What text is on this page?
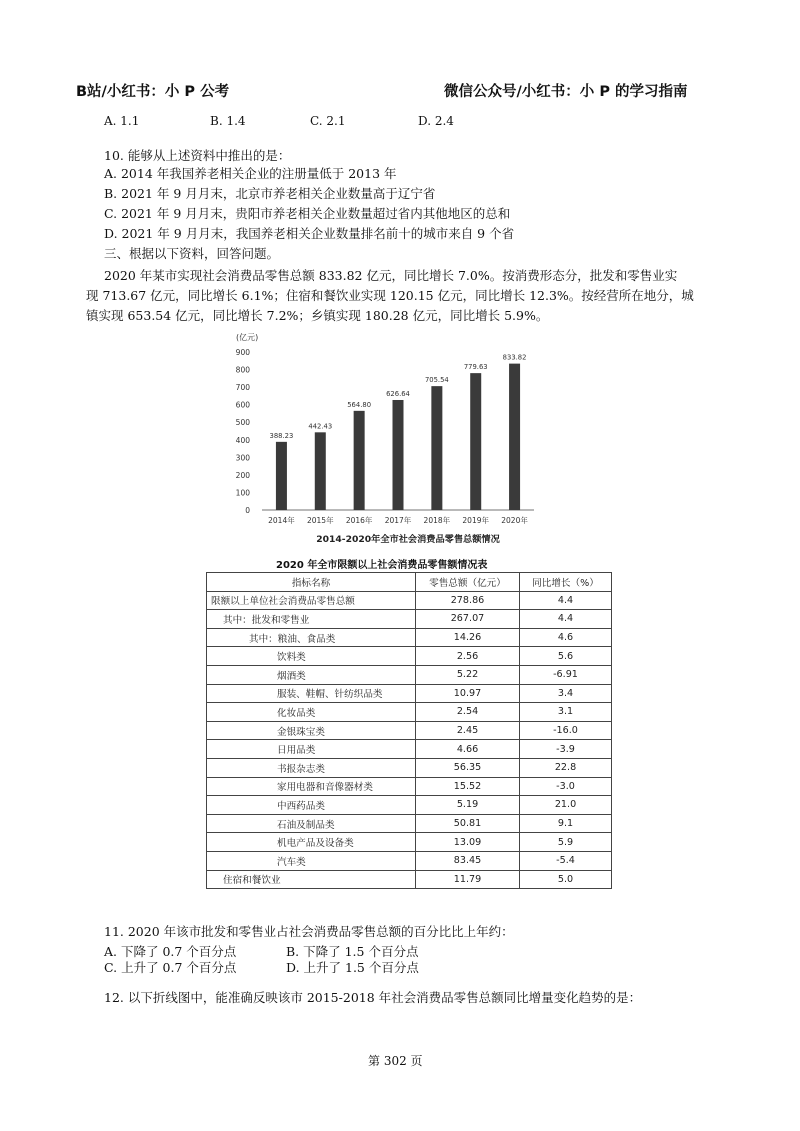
B站/小红书：小 P 公考	微信公众号/小红书：小 P 的学习指南
A. 1.1	B. 1.4	C. 2.1	D. 2.4
10. 能够从上述资料中推出的是：
A. 2014 年我国养老相关企业的注册量低于 2013 年
B. 2021 年 9 月月末，北京市养老相关企业数量高于辽宁省
C. 2021 年 9 月月末，贵阳市养老相关企业数量超过省内其他地区的总和
D. 2021 年 9 月月末，我国养老相关企业数量排名前十的城市来自 9 个省
三、根据以下资料，回答问题。
2020 年某市实现社会消费品零售总额 833.82 亿元，同比增长 7.0%。按消费形态分，批发和零售业实
现 713.67 亿元，同比增长 6.1%；住宿和餐饮业实现 120.15 亿元，同比增长 12.3%。按经营所在地分，城
镇实现 653.54 亿元，同比增长 7.2%；乡镇实现 180.28 亿元，同比增长 5.9%。
(亿元)
0
100
200
300
400
500
600
700
800
900
388.23
2014年
442.43
2015年
564.80
2016年
626.64
2017年
705.54
2018年
779.63
2019年
833.82
2020年
2014-2020年全市社会消费品零售总额情况
2020 年全市限额以上社会消费品零售额情况表
指标名称	零售总额（亿元）	同比增长（%）
限额以上单位社会消费品零售总额	278.86	4.4
其中：批发和零售业	267.07	4.4
其中：粮油、食品类	14.26	4.6
饮料类	2.56	5.6
烟酒类	5.22	-6.91
服装、鞋帽、针纺织品类	10.97	3.4
化妆品类	2.54	3.1
金银珠宝类	2.45	-16.0
日用品类	4.66	-3.9
书报杂志类	56.35	22.8
家用电器和音像器材类	15.52	-3.0
中西药品类	5.19	21.0
石油及制品类	50.81	9.1
机电产品及设备类	13.09	5.9
汽车类	83.45	-5.4
住宿和餐饮业	11.79	5.0
11. 2020 年该市批发和零售业占社会消费品零售总额的百分比比上年约：
A. 下降了 0.7 个百分点	B. 下降了 1.5 个百分点
C. 上升了 0.7 个百分点	D. 上升了 1.5 个百分点
12. 以下折线图中，能准确反映该市 2015-2018 年社会消费品零售总额同比增量变化趋势的是：
第 302 页
